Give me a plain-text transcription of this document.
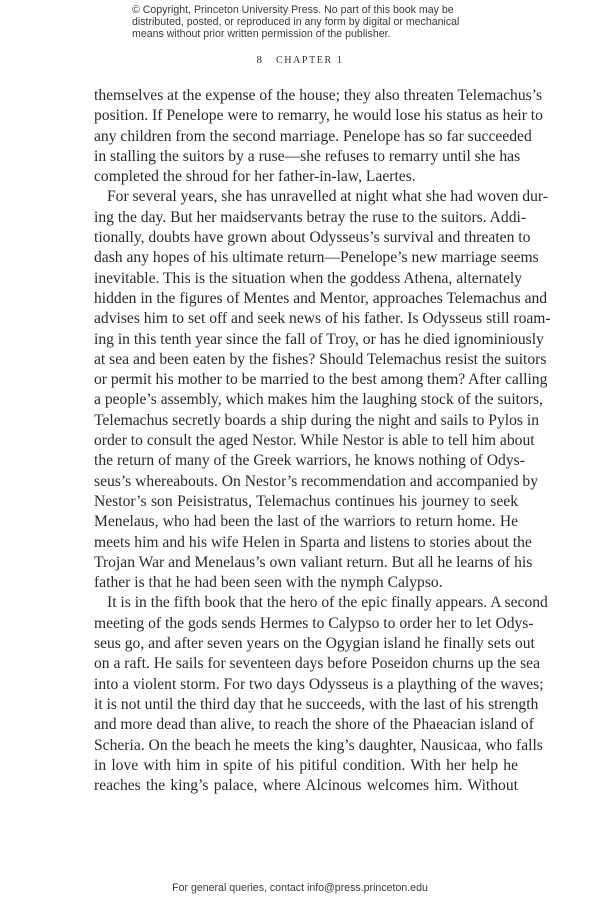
© Copyright, Princeton University Press. No part of this book may be
distributed, posted, or reproduced in any form by digital or mechanical
means without prior written permission of the publisher.
8 CHAPTER 1
themselves at the expense of the house; they also threaten Telemachus’s
position. If Penelope were to remarry, he would lose his status as heir to
any children from the second marriage. Penelope has so far succeeded
in stalling the suitors by a ruse—she refuses to remarry until she has
completed the shroud for her father-in-law, Laertes.
For several years, she has unravelled at night what she had woven dur-
ing the day. But her maidservants betray the ruse to the suitors. Addi-
tionally, doubts have grown about Odysseus’s survival and threaten to
dash any hopes of his ultimate return—Penelope’s new marriage seems
inevitable. This is the situation when the goddess Athena, alternately
hidden in the figures of Mentes and Mentor, approaches Telemachus and
advises him to set off and seek news of his father. Is Odysseus still roam-
ing in this tenth year since the fall of Troy, or has he died ignominiously
at sea and been eaten by the fishes? Should Telemachus resist the suitors
or permit his mother to be married to the best among them? After calling
a people’s assembly, which makes him the laughing stock of the suitors,
Telemachus secretly boards a ship during the night and sails to Pylos in
order to consult the aged Nestor. While Nestor is able to tell him about
the return of many of the Greek warriors, he knows nothing of Odys-
seus’s whereabouts. On Nestor’s recommendation and accompanied by
Nestor’s son Peisistratus, Telemachus continues his journey to seek
Menelaus, who had been the last of the warriors to return home. He
meets him and his wife Helen in Sparta and listens to stories about the
Trojan War and Menelaus’s own valiant return. But all he learns of his
father is that he had been seen with the nymph Calypso.
It is in the fifth book that the hero of the epic finally appears. A second
meeting of the gods sends Hermes to Calypso to order her to let Odys-
seus go, and after seven years on the Ogygian island he finally sets out
on a raft. He sails for seventeen days before Poseidon churns up the sea
into a violent storm. For two days Odysseus is a plaything of the waves;
it is not until the third day that he succeeds, with the last of his strength
and more dead than alive, to reach the shore of the Phaeacian island of
Scheria. On the beach he meets the king’s daughter, Nausicaa, who falls
in love with him in spite of his pitiful condition. With her help he
reaches the king’s palace, where Alcinous welcomes him. Without
For general queries, contact info@press.princeton.edu
